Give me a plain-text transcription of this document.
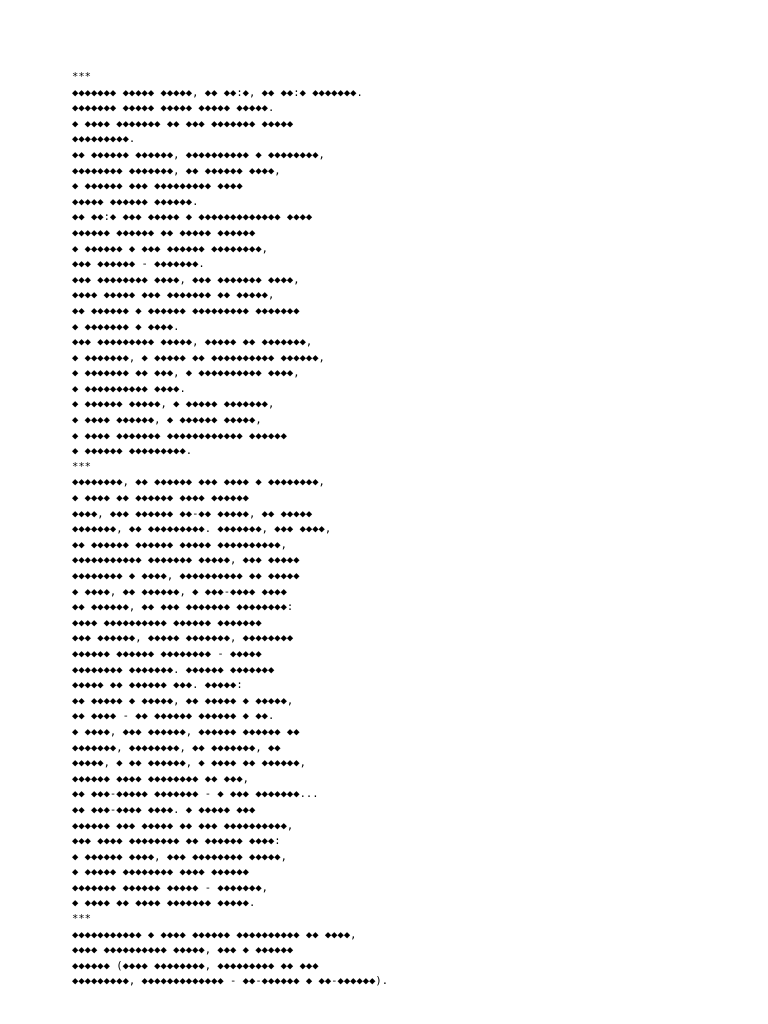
***
◆◆◆◆◆◆◆ ◆◆◆◆◆ ◆◆◆◆◆, ◆◆ ◆◆:◆, ◆◆ ◆◆:◆ ◆◆◆◆◆◆◆.
◆◆◆◆◆◆◆ ◆◆◆◆◆ ◆◆◆◆◆ ◆◆◆◆◆ ◆◆◆◆◆.
◆ ◆◆◆◆ ◆◆◆◆◆◆◆ ◆◆ ◆◆◆ ◆◆◆◆◆◆◆ ◆◆◆◆◆
◆◆◆◆◆◆◆◆◆.
◆◆ ◆◆◆◆◆◆ ◆◆◆◆◆◆, ◆◆◆◆◆◆◆◆◆◆ ◆ ◆◆◆◆◆◆◆◆,
◆◆◆◆◆◆◆◆ ◆◆◆◆◆◆◆, ◆◆ ◆◆◆◆◆◆ ◆◆◆◆,
◆ ◆◆◆◆◆◆ ◆◆◆ ◆◆◆◆◆◆◆◆◆ ◆◆◆◆
◆◆◆◆◆ ◆◆◆◆◆◆ ◆◆◆◆◆◆.
◆◆ ◆◆:◆ ◆◆◆ ◆◆◆◆◆ ◆ ◆◆◆◆◆◆◆◆◆◆◆◆◆ ◆◆◆◆
◆◆◆◆◆◆ ◆◆◆◆◆◆ ◆◆ ◆◆◆◆◆ ◆◆◆◆◆◆
◆ ◆◆◆◆◆◆ ◆ ◆◆◆ ◆◆◆◆◆◆ ◆◆◆◆◆◆◆◆,
◆◆◆ ◆◆◆◆◆◆ - ◆◆◆◆◆◆◆.
◆◆◆ ◆◆◆◆◆◆◆◆ ◆◆◆◆, ◆◆◆ ◆◆◆◆◆◆◆ ◆◆◆◆,
◆◆◆◆ ◆◆◆◆◆ ◆◆◆ ◆◆◆◆◆◆◆ ◆◆ ◆◆◆◆◆,
◆◆ ◆◆◆◆◆◆ ◆ ◆◆◆◆◆◆ ◆◆◆◆◆◆◆◆◆ ◆◆◆◆◆◆◆
◆ ◆◆◆◆◆◆◆ ◆ ◆◆◆◆.
◆◆◆ ◆◆◆◆◆◆◆◆◆ ◆◆◆◆◆, ◆◆◆◆◆ ◆◆ ◆◆◆◆◆◆◆,
◆ ◆◆◆◆◆◆◆, ◆ ◆◆◆◆◆ ◆◆ ◆◆◆◆◆◆◆◆◆◆ ◆◆◆◆◆◆,
◆ ◆◆◆◆◆◆◆ ◆◆ ◆◆◆, ◆ ◆◆◆◆◆◆◆◆◆◆ ◆◆◆◆,
◆ ◆◆◆◆◆◆◆◆◆◆ ◆◆◆◆.
◆ ◆◆◆◆◆◆ ◆◆◆◆◆, ◆ ◆◆◆◆◆ ◆◆◆◆◆◆◆,
◆ ◆◆◆◆ ◆◆◆◆◆◆, ◆ ◆◆◆◆◆◆ ◆◆◆◆◆,
◆ ◆◆◆◆ ◆◆◆◆◆◆◆ ◆◆◆◆◆◆◆◆◆◆◆◆ ◆◆◆◆◆◆
◆ ◆◆◆◆◆◆ ◆◆◆◆◆◆◆◆◆.
***
◆◆◆◆◆◆◆◆, ◆◆ ◆◆◆◆◆◆ ◆◆◆ ◆◆◆◆ ◆ ◆◆◆◆◆◆◆◆,
◆ ◆◆◆◆ ◆◆ ◆◆◆◆◆◆ ◆◆◆◆ ◆◆◆◆◆◆
◆◆◆◆, ◆◆◆ ◆◆◆◆◆◆ ◆◆-◆◆ ◆◆◆◆◆, ◆◆ ◆◆◆◆◆
◆◆◆◆◆◆◆, ◆◆ ◆◆◆◆◆◆◆◆◆. ◆◆◆◆◆◆◆, ◆◆◆ ◆◆◆◆,
◆◆ ◆◆◆◆◆◆ ◆◆◆◆◆◆ ◆◆◆◆◆ ◆◆◆◆◆◆◆◆◆◆,
◆◆◆◆◆◆◆◆◆◆◆ ◆◆◆◆◆◆◆ ◆◆◆◆◆, ◆◆◆ ◆◆◆◆◆
◆◆◆◆◆◆◆◆ ◆ ◆◆◆◆, ◆◆◆◆◆◆◆◆◆◆ ◆◆ ◆◆◆◆◆
◆ ◆◆◆◆, ◆◆ ◆◆◆◆◆◆, ◆ ◆◆◆-◆◆◆◆ ◆◆◆◆
◆◆ ◆◆◆◆◆◆, ◆◆ ◆◆◆ ◆◆◆◆◆◆◆ ◆◆◆◆◆◆◆◆:
◆◆◆◆ ◆◆◆◆◆◆◆◆◆◆ ◆◆◆◆◆◆ ◆◆◆◆◆◆◆
◆◆◆ ◆◆◆◆◆◆, ◆◆◆◆◆ ◆◆◆◆◆◆◆, ◆◆◆◆◆◆◆◆
◆◆◆◆◆◆ ◆◆◆◆◆◆ ◆◆◆◆◆◆◆◆ - ◆◆◆◆◆
◆◆◆◆◆◆◆◆ ◆◆◆◆◆◆◆. ◆◆◆◆◆◆ ◆◆◆◆◆◆◆
◆◆◆◆◆ ◆◆ ◆◆◆◆◆◆ ◆◆◆. ◆◆◆◆◆:
◆◆ ◆◆◆◆◆ ◆ ◆◆◆◆◆, ◆◆ ◆◆◆◆◆ ◆ ◆◆◆◆◆,
◆◆ ◆◆◆◆ - ◆◆ ◆◆◆◆◆◆ ◆◆◆◆◆◆ ◆ ◆◆.
◆ ◆◆◆◆, ◆◆◆ ◆◆◆◆◆◆, ◆◆◆◆◆◆ ◆◆◆◆◆◆ ◆◆
◆◆◆◆◆◆◆, ◆◆◆◆◆◆◆◆, ◆◆ ◆◆◆◆◆◆◆, ◆◆
◆◆◆◆◆, ◆ ◆◆ ◆◆◆◆◆◆, ◆ ◆◆◆◆ ◆◆ ◆◆◆◆◆◆,
◆◆◆◆◆◆ ◆◆◆◆ ◆◆◆◆◆◆◆◆ ◆◆ ◆◆◆,
◆◆ ◆◆◆-◆◆◆◆◆ ◆◆◆◆◆◆◆ - ◆ ◆◆◆ ◆◆◆◆◆◆◆...
◆◆ ◆◆◆-◆◆◆◆ ◆◆◆◆. ◆ ◆◆◆◆◆ ◆◆◆
◆◆◆◆◆◆ ◆◆◆ ◆◆◆◆◆ ◆◆ ◆◆◆ ◆◆◆◆◆◆◆◆◆◆,
◆◆◆ ◆◆◆◆ ◆◆◆◆◆◆◆◆ ◆◆ ◆◆◆◆◆◆ ◆◆◆◆:
◆ ◆◆◆◆◆◆ ◆◆◆◆, ◆◆◆ ◆◆◆◆◆◆◆◆ ◆◆◆◆◆,
◆ ◆◆◆◆◆ ◆◆◆◆◆◆◆◆ ◆◆◆◆ ◆◆◆◆◆◆
◆◆◆◆◆◆◆ ◆◆◆◆◆◆ ◆◆◆◆◆ - ◆◆◆◆◆◆◆,
◆ ◆◆◆◆ ◆◆ ◆◆◆◆ ◆◆◆◆◆◆◆ ◆◆◆◆◆.
***
◆◆◆◆◆◆◆◆◆◆◆ ◆ ◆◆◆◆ ◆◆◆◆◆◆ ◆◆◆◆◆◆◆◆◆◆ ◆◆ ◆◆◆◆,
◆◆◆◆ ◆◆◆◆◆◆◆◆◆◆ ◆◆◆◆◆, ◆◆◆ ◆ ◆◆◆◆◆◆
◆◆◆◆◆◆ (◆◆◆◆ ◆◆◆◆◆◆◆◆, ◆◆◆◆◆◆◆◆◆ ◆◆ ◆◆◆
◆◆◆◆◆◆◆◆◆, ◆◆◆◆◆◆◆◆◆◆◆◆◆ - ◆◆-◆◆◆◆◆◆ ◆ ◆◆-◆◆◆◆◆◆).
